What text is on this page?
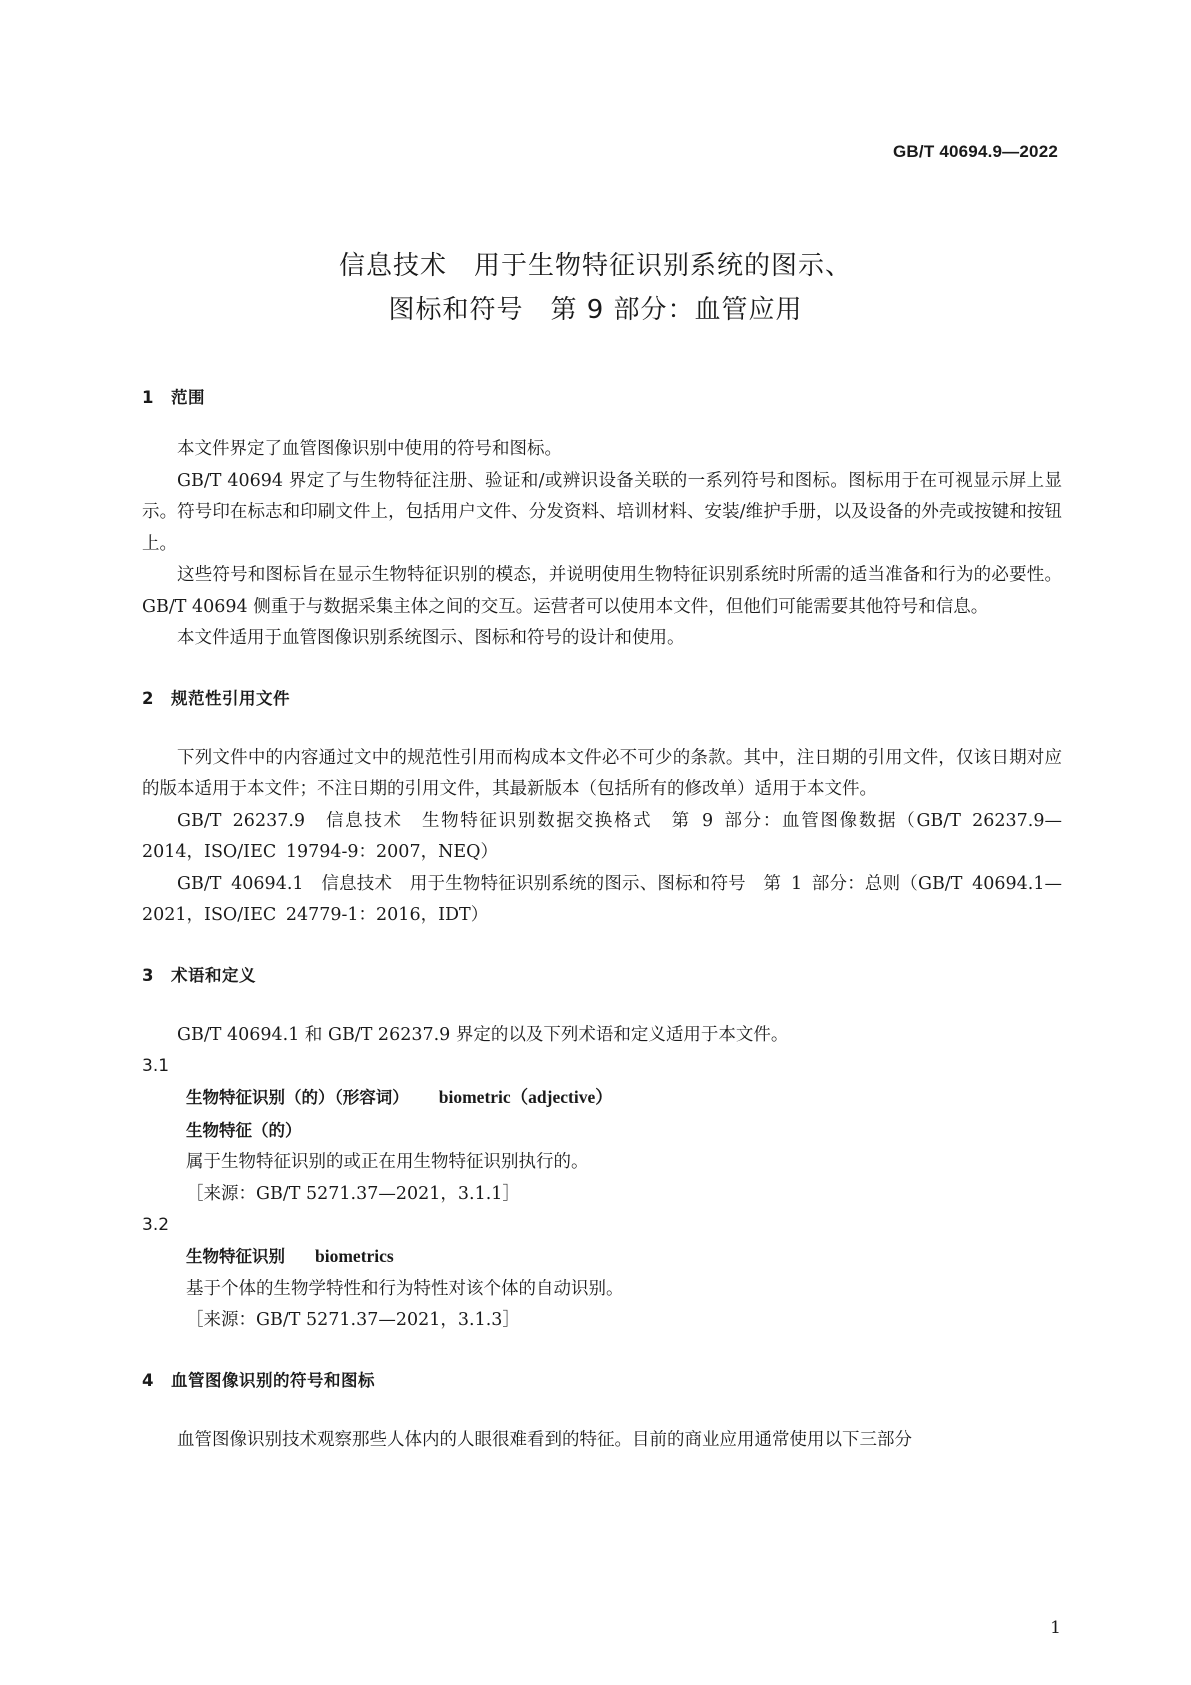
GB/T 40694.9—2022
信息技术　用于生物特征识别系统的图示、
图标和符号　第 9 部分：血管应用
1　范围
本文件界定了血管图像识别中使用的符号和图标。
GB/T 40694 界定了与生物特征注册、验证和/或辨识设备关联的一系列符号和图标。图标用于在可视显示屏上显示。符号印在标志和印刷文件上，包括用户文件、分发资料、培训材料、安装/维护手册，以及设备的外壳或按键和按钮上。
这些符号和图标旨在显示生物特征识别的模态，并说明使用生物特征识别系统时所需的适当准备和行为的必要性。GB/T 40694 侧重于与数据采集主体之间的交互。运营者可以使用本文件，但他们可能需要其他符号和信息。
本文件适用于血管图像识别系统图示、图标和符号的设计和使用。
2　规范性引用文件
下列文件中的内容通过文中的规范性引用而构成本文件必不可少的条款。其中，注日期的引用文件，仅该日期对应的版本适用于本文件；不注日期的引用文件，其最新版本（包括所有的修改单）适用于本文件。
GB/T 26237.9　信息技术　生物特征识别数据交换格式　第 9 部分：血管图像数据（GB/T 26237.9—2014，ISO/IEC 19794-9：2007，NEQ）
GB/T 40694.1　信息技术　用于生物特征识别系统的图示、图标和符号　第 1 部分：总则（GB/T 40694.1—2021，ISO/IEC 24779-1：2016，IDT）
3　术语和定义
GB/T 40694.1 和 GB/T 26237.9 界定的以及下列术语和定义适用于本文件。
3.1
生物特征识别（的）（形容词） biometric（adjective）
生物特征（的）
属于生物特征识别的或正在用生物特征识别执行的。
［来源：GB/T 5271.37—2021，3.1.1］
3.2
生物特征识别 biometrics
基于个体的生物学特性和行为特性对该个体的自动识别。
［来源：GB/T 5271.37—2021，3.1.3］
4　血管图像识别的符号和图标
血管图像识别技术观察那些人体内的人眼很难看到的特征。目前的商业应用通常使用以下三部分
1
